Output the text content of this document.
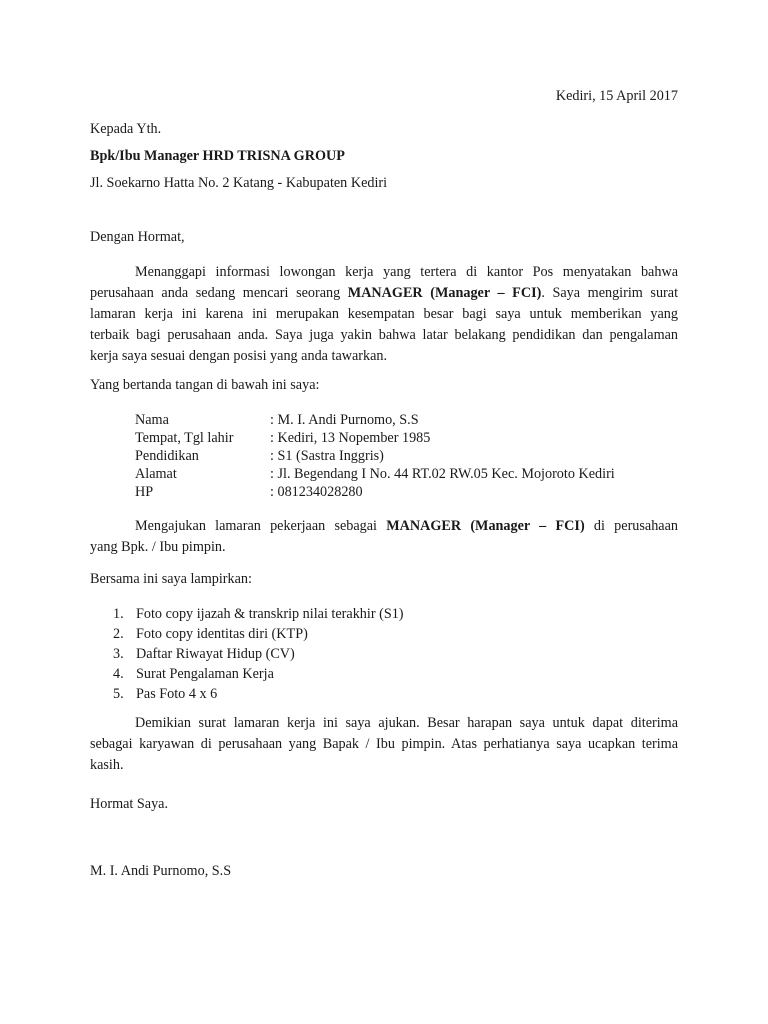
Kediri, 15 April 2017
Kepada Yth.
Bpk/Ibu Manager HRD TRISNA GROUP
Jl. Soekarno Hatta No. 2 Katang - Kabupaten Kediri
Dengan Hormat,
Menanggapi informasi lowongan kerja yang tertera di kantor Pos menyatakan bahwa
perusahaan anda sedang mencari seorang MANAGER (Manager – FCI). Saya mengirim surat
lamaran kerja ini karena ini merupakan kesempatan besar bagi saya untuk memberikan yang
terbaik bagi perusahaan anda. Saya juga yakin bahwa latar belakang pendidikan dan pengalaman
kerja saya sesuai dengan posisi yang anda tawarkan.
Yang bertanda tangan di bawah ini saya:
Nama	: M. I. Andi Purnomo, S.S
Tempat, Tgl lahir	: Kediri, 13 Nopember 1985
Pendidikan	: S1 (Sastra Inggris)
Alamat	: Jl. Begendang I No. 44 RT.02 RW.05 Kec. Mojoroto Kediri
HP	: 081234028280
Mengajukan lamaran pekerjaan sebagai MANAGER (Manager – FCI) di perusahaan
yang Bpk. / Ibu pimpin.
Bersama ini saya lampirkan:
1. Foto copy ijazah & transkrip nilai terakhir (S1)
2. Foto copy identitas diri (KTP)
3. Daftar Riwayat Hidup (CV)
4. Surat Pengalaman Kerja
5. Pas Foto 4 x 6
Demikian surat lamaran kerja ini saya ajukan. Besar harapan saya untuk dapat diterima
sebagai karyawan di perusahaan yang Bapak / Ibu pimpin. Atas perhatianya saya ucapkan terima
kasih.
Hormat Saya.
M. I. Andi Purnomo, S.S
